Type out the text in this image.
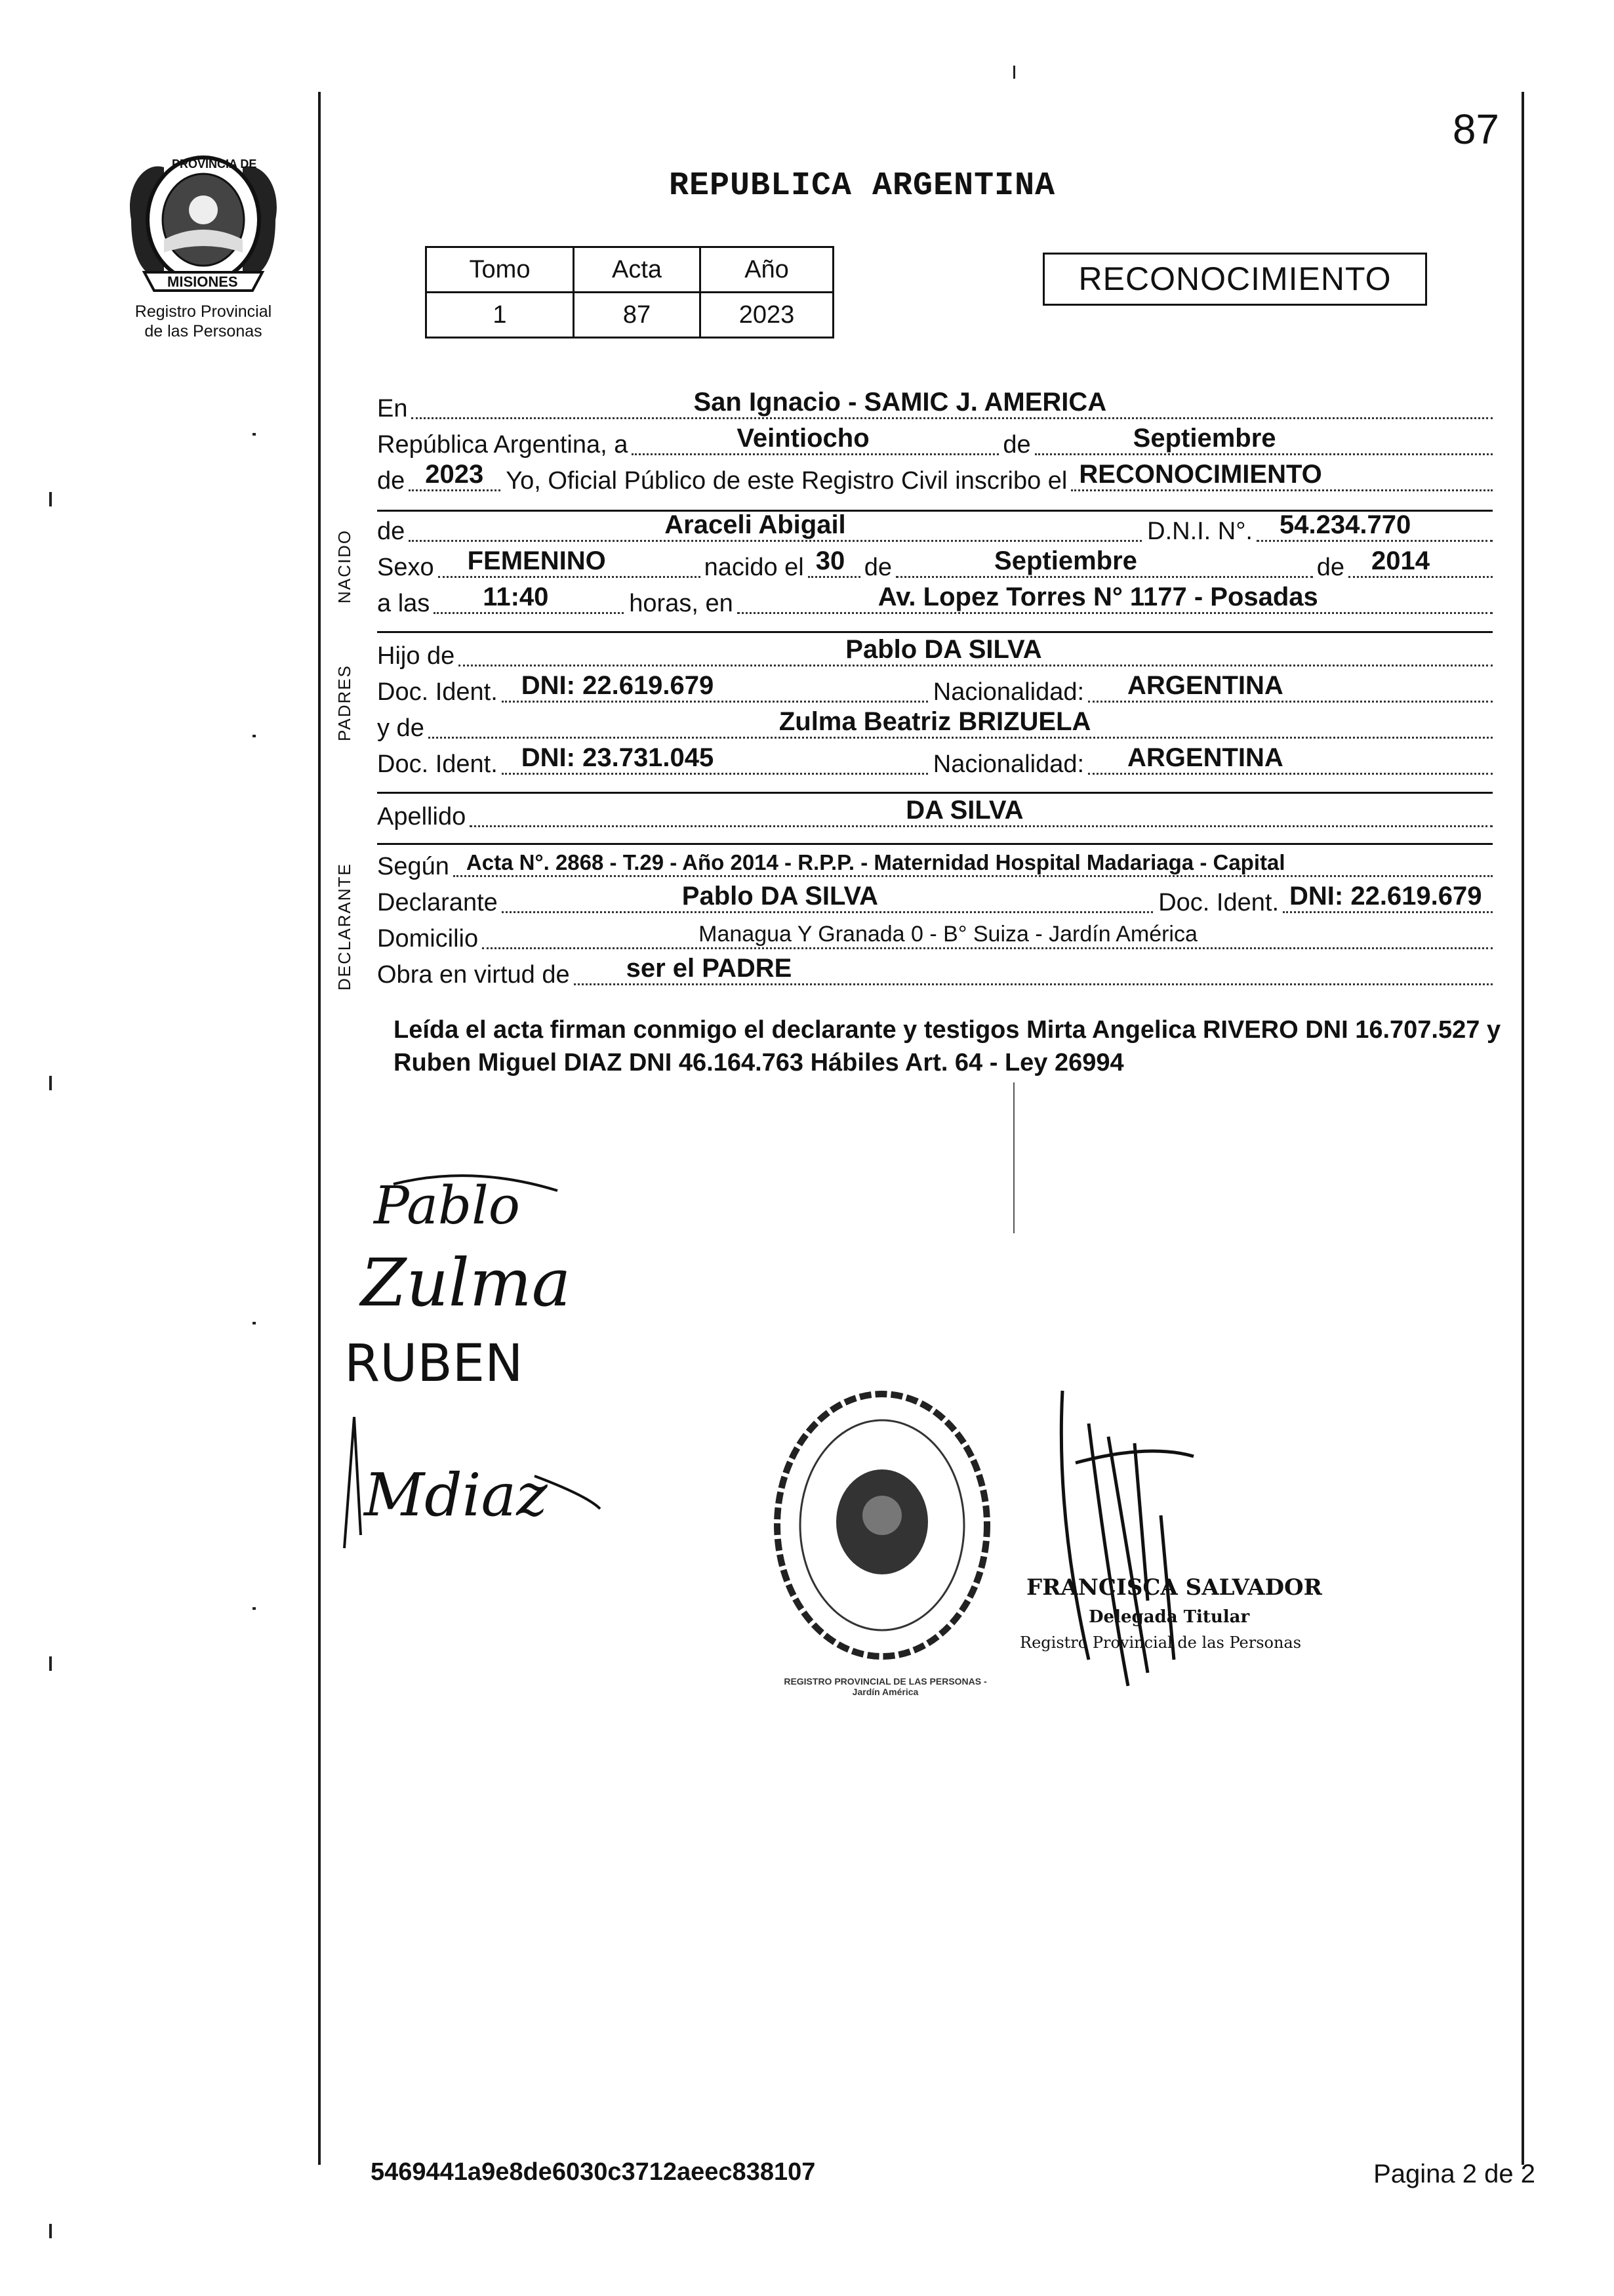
PROVINCIA DE
MISIONES
Registro Provincial
de las Personas
87
REPUBLICA ARGENTINA
Tomo	Acta	Año
1	87	2023
RECONOCIMIENTO
En	San Ignacio - SAMIC J. AMERICA
República Argentina, a	Veintiocho	de	Septiembre
de 2023 Yo, Oficial Público de este Registro Civil inscribo el RECONOCIMIENTO
NACIDO de	Araceli Abigail	D.N.I. N°. 54.234.770
Sexo FEMENINO	nacido el 30 de	Septiembre	de 2014
a las 11:40	horas, en	Av. Lopez Torres N° 1177 - Posadas
PADRES
Hijo de	Pablo DA SILVA
Doc. Ident. DNI: 22.619.679	Nacionalidad: ARGENTINA
y de	Zulma Beatriz BRIZUELA
Doc. Ident. DNI: 23.731.045	Nacionalidad: ARGENTINA
Apellido	DA SILVA
DECLARANTE Según Acta N°. 2868 - T.29 - Año 2014 - R.P.P. - Maternidad Hospital Madariaga - Capital
Declarante	Pablo DA SILVA	Doc. Ident. DNI: 22.619.679
Domicilio	Managua Y Granada 0 - B° Suiza - Jardín América
Obra en virtud de ser el PADRE
Leída el acta firman conmigo el declarante y testigos Mirta Angelica RIVERO DNI 16.707.527 y Ruben Miguel DIAZ DNI 46.164.763 Hábiles Art. 64 - Ley 26994
Pablo
Zulma
RUBEN
Mdiaz
REGISTRO PROVINCIAL DE LAS PERSONAS - Jardín América
FRANCISCA SALVADOR
Delegada Titular
Registro Provincial de las Personas
5469441a9e8de6030c3712aeec838107	Pagina 2 de 2
